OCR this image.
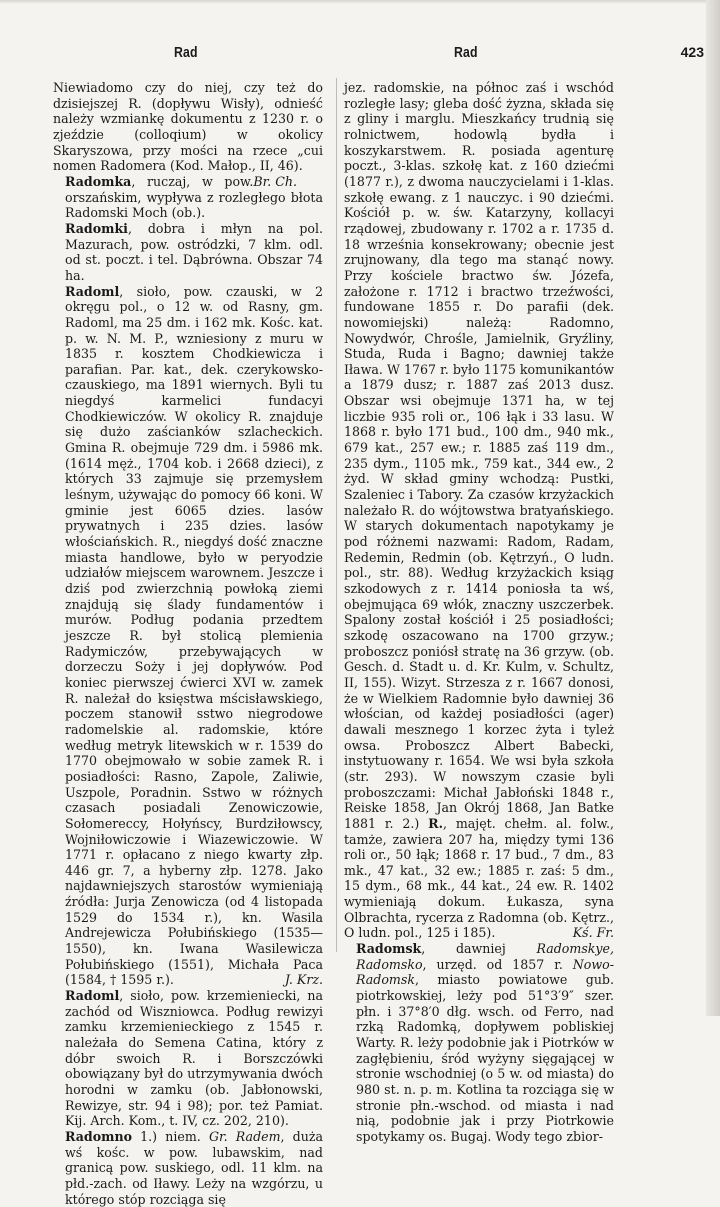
Rad	Rad	423

Niewiadomo czy do niej, czy też do dzisiejszej R. (dopływu Wisły), odnieść należy wzmiankę dokumentu z 1230 r. o zjeździe (colloqium) w okolicy Skaryszowa, przy mości na rzece „cui nomen Radomera (Kod. Małop., II, 46).
Br. Ch.

Radomka, ruczaj, w pow. orszańskim, wypływa z rozległego błota Radomski Moch (ob.).

Radomki, dobra i młyn na pol. Mazurach, pow. ostródzki, 7 klm. odl. od st. poczt. i tel. Dąbrówna. Obszar 74 ha.

Radoml, sioło, pow. czauski, w 2 okręgu pol., o 12 w. od Rasny, gm. Radoml, ma 25 dm. i 162 mk. Kośc. kat. p. w. N. M. P., wzniesiony z muru w 1835 r. kosztem Chodkiewicza i parafian. Par. kat., dek. czerykowsko-czauskiego, ma 1891 wiernych. Byli tu niegdyś karmelici fundacyi Chodkiewiczów. W okolicy R. znajduje się dużo zaścianków szlacheckich. Gmina R. obejmuje 729 dm. i 5986 mk. (1614 męż., 1704 kob. i 2668 dzieci), z których 33 zajmuje się przemysłem leśnym, używając do pomocy 66 koni. W gminie jest 6065 dzies. lasów prywatnych i 235 dzies. lasów włościańskich. R., niegdyś dość znaczne miasta handlowe, było w peryodzie udziałów miejscem warownem. Jeszcze i dziś pod zwierzchnią powłoką ziemi znajdują się ślady fundamentów i murów. Podług podania przedtem jeszcze R. był stolicą plemienia Radymiczów, przebywających w dorzeczu Soży i jej dopływów. Pod koniec pierwszej ćwierci XVI w. zamek R. należał do księstwa mścisławskiego, poczem stanowił sstwo niegrodowe radomelskie al. radomskie, które według metryk litewskich w r. 1539 do 1770 obejmowało w sobie zamek R. i posiadłości: Rasno, Zapole, Zaliwie, Uszpole, Poradnin. Sstwo w różnych czasach posiadali Zenowiczowie, Sołomereccy, Hołyńscy, Burdziłowscy, Wojniłowiczowie i Wiazewiczowie. W 1771 r. opłacano z niego kwarty złp. 446 gr. 7, a hyberny złp. 1278. Jako najdawniejszych starostów wymieniają źródła: Jurja Zenowicza (od 4 listopada 1529 do 1534 r.), kn. Wasila Andrejewicza Połubińskiego (1535—1550), kn. Iwana Wasilewicza Połubińskiego (1551), Michała Paca (1584, † 1595 r.).	J. Krz.

Radoml, sioło, pow. krzemieniecki, na zachód od Wiszniowca. Podług rewizyi zamku krzemienieckiego z 1545 r. należała do Semena Catina, który z dóbr swoich R. i Borszczówki obowiązany był do utrzymywania dwóch horodni w zamku (ob. Jabłonowski, Rewizye, str. 94 i 98); por. też Pamiat. Kij. Arch. Kom., t. IV, cz. 202, 210).

Radomno 1.) niem. Gr. Radem, duża wś kośc. w pow. lubawskim, nad granicą pow. suskiego, odl. 11 klm. na płd.-zach. od Iławy. Leży na wzgórzu, u którego stóp rozciąga się

jez. radomskie, na północ zaś i wschód rozległe lasy; gleba dość żyzna, składa się z gliny i marglu. Mieszkańcy trudnią się rolnictwem, hodowlą bydła i koszykarstwem. R. posiada agenturę poczt., 3-klas. szkołę kat. z 160 dziećmi (1877 r.), z dwoma nauczycielami i 1-klas. szkołę ewang. z 1 nauczyc. i 90 dziećmi. Kościół p. w. św. Katarzyny, kollacyi rządowej, zbudowany r. 1702 a r. 1735 d. 18 września konsekrowany; obecnie jest zrujnowany, dla tego ma stanąć nowy. Przy kościele bractwo św. Józefa, założone r. 1712 i bractwo trzeźwości, fundowane 1855 r. Do parafii (dek. nowomiejski) należą: Radomno, Nowydwór, Chrośle, Jamielnik, Gryźliny, Studa, Ruda i Bagno; dawniej także Iława. W 1767 r. było 1175 komunikantów a 1879 dusz; r. 1887 zaś 2013 dusz. Obszar wsi obejmuje 1371 ha, w tej liczbie 935 roli or., 106 łąk i 33 lasu. W 1868 r. było 171 bud., 100 dm., 940 mk., 679 kat., 257 ew.; r. 1885 zaś 119 dm., 235 dym., 1105 mk., 759 kat., 344 ew., 2 żyd. W skład gminy wchodzą: Pustki, Szaleniec i Tabory. Za czasów krzyżackich należało R. do wójtowstwa bratyańskiego. W starych dokumentach napotykamy je pod różnemi nazwami: Radom, Radam, Redemin, Redmin (ob. Kętrzyń., O ludn. pol., str. 88). Według krzyżackich ksiąg szkodowych z r. 1414 poniosła ta wś, obejmująca 69 włók, znaczny uszczerbek. Spalony został kościół i 25 posiadłości; szkodę oszacowano na 1700 grzyw.; proboszcz poniósł stratę na 36 grzyw. (ob. Gesch. d. Stadt u. d. Kr. Kulm, v. Schultz, II, 155). Wizyt. Strzesza z r. 1667 donosi, że w Wielkiem Radomnie było dawniej 36 włościan, od każdej posiadłości (ager) dawali mesznego 1 korzec żyta i tyleż owsa. Proboszcz Albert Babecki, instytuowany r. 1654. We wsi była szkoła (str. 293). W nowszym czasie byli proboszczami: Michał Jabłoński 1848 r., Reiske 1858, Jan Okrój 1868, Jan Batke 1881 r. 2.) R., majęt. chełm. al. folw., tamże, zawiera 207 ha, między tymi 136 roli or., 50 łąk; 1868 r. 17 bud., 7 dm., 83 mk., 47 kat., 32 ew.; 1885 r. zaś: 5 dm., 15 dym., 68 mk., 44 kat., 24 ew. R. 1402 wymieniają dokum. Łukasza, syna Olbrachta, rycerza z Radomna (ob. Kętrz., O ludn. pol., 125 i 185).	Kś. Fr.

Radomsk, dawniej Radomskye, Radomsko, urzęd. od 1857 r. Nowo-Radomsk, miasto powiatowe gub. piotrkowskiej, leży pod 51°3′9″ szer. płn. i 37°8′0 dłg. wsch. od Ferro, nad rzką Radomką, dopływem pobliskiej Warty. R. leży podobnie jak i Piotrków w zagłębieniu, śród wyżyny sięgającej w stronie wschodniej (o 5 w. od miasta) do 980 st. n. p. m. Kotlina ta rozciąga się w stronie płn.-wschod. od miasta i nad nią, podobnie jak i przy Piotrkowie spotykamy os. Bugaj. Wody tego zbior-
